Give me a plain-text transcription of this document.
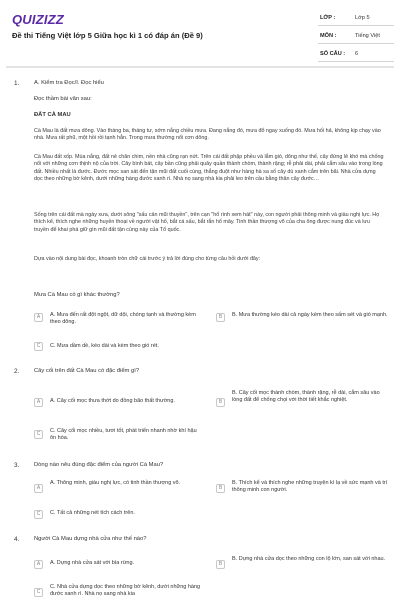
QUIZIZZ
Đề thi Tiếng Việt lớp 5 Giữa học kì 1 có đáp án (Đề 9)
LỚP :	Lớp 5
MÔN :	Tiếng Việt
SỐ CÂU : 6
1.	A. Kiểm tra Đọc/I. Đọc hiểu
Đọc thầm bài văn sau:
ĐẤT CÀ MAU
Cà Mau là đất mưa dông. Vào tháng ba, tháng tư, sớm nắng chiều mưa. Đang nắng đó, mưa đổ ngay xuống đó. Mưa hối hả, không kịp chạy vào nhà. Mưa rất phũ, một hồi rồi tạnh hẳn. Trong mưa thường nổi cơn dông.
Cà Mau đất xốp. Mùa nắng, đất nẻ chân chim, nền nhà cũng rạn nứt. Trên cái đất phập phều và lắm gió, dông như thế, cây đứng lẻ khó mà chống nổi với những cơn thịnh nộ của trời. Cây bình bát, cây bần cũng phải quây quần thành chòm, thành rặng; rễ phải dài, phải cắm sâu vào trong lòng đất. Nhiều nhất là đước. Đước mọc san sát đến tận mũi đất cuối cùng, thẳng đuột như hàng hà sa số cây dù xanh cắm trên bãi. Nhà cửa dựng dọc theo những bờ kênh, dưới những hàng đước xanh rì. Nhà nọ sang nhà kia phải leo trên cầu bằng thân cây đước…
Sống trên cái đất mà ngày xưa, dưới sông "sấu cản mũi thuyền", trên cạn "hổ rình xem hát" này, con người phải thông minh và giàu nghị lực. Họ thích kể, thích nghe những huyền thoại về người vật hổ, bắt cá sấu, bắt rắn hổ mây. Tinh thần thượng võ của cha ông được nung đúc và lưu truyền để khai phá giữ gìn mũi đất tận cùng này của Tổ quốc.
Dựa vào nội dung bài đọc, khoanh tròn chữ cái trước ý trả lời đúng cho từng câu hỏi dưới đây:
Mưa Cà Mau có gì khác thường?
A	A. Mưa đến rất đột ngột, dữ dội, chóng tạnh và thường kèm theo dông.
B	B. Mưa thường kéo dài cả ngày kèm theo sấm sét và gió mạnh.
C	C. Mưa dầm dề, kéo dài và kèm theo gió rét.
2.	Cây cối trên đất Cà Mau có đặc điểm gì?
A	A. Cây cối mọc thưa thớt do đồng bão thất thường.	B
B. Cây cối mọc thành chòm, thành rặng, rễ dài, cắm sâu vào lòng đất để chống chọi với thời tiết khắc nghiệt.
C	C. Cây cối mọc nhiều, tươi tốt, phát triển nhanh nhờ khí hậu ôn hòa.
3.	Dòng nào nêu đúng đặc điểm của người Cà Mau?
A
A. Thông minh, giàu nghị lực, có tinh thần thượng võ.
B
B. Thích kể và thích nghe những truyện kì lạ về sức mạnh và trí thông minh con người.
C	C. Tất cả những nét tích cách trên.
4.	Người Cà Mau dựng nhà cửa như thế nào?
A	A. Dựng nhà cửa sát với bìa rừng.	B
B. Dựng nhà cửa dọc theo những con lộ lớn, san sát với nhau.
C
C. Nhà cửa dựng dọc theo những bờ kênh, dưới những hàng đước xanh rì. Nhà nọ sang nhà kia
